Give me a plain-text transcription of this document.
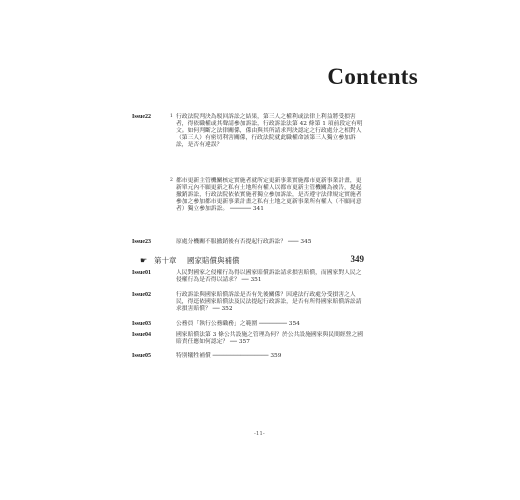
Contents
Issue22	1 行政法院判決為駁回訴訟之結果，第三人之權利或法律上利益將受損害者，得依職權或其聲請參加訴訟，行政訴訟法第 42 條第 1 項前段定有明文。如何判斷之法律關係，係由與其所請求判決認定之行政處分之相對人（第三人）有密切利害關係，行政法院就此職權命該第三人獨立參加訴訟，是否有違誤？
2 都市更新主管機關核定實施者就所定更新事業實施都市更新事業計畫，更新單元內不願更新之私有土地所有權人以都市更新主管機關為被告，提起撤銷訴訟，行政法院依依實施者獨立參加訴訟，是否遵守法律規定實施者參加之參加都市更新事業計畫之私有土地之更新事業所有權人（不願同意者）獨立參加訴訟。 ────── 341
Issue23	原處分機關不服撤銷後有否提起行政訴訟？ ─── 345
☛ 第十章 國家賠償與補償	349
Issue01	人民對國家之侵權行為得以國家賠償訴訟請求損害賠償，而國家對人民之侵權行為是否得以請求？ ── 351
Issue02	行政訴訟與國家賠償訴訟是否有先後關係？因違法行政處分受損害之人民，得逕依國家賠償法及民法提起行政訴訟，是否有所得國家賠償訴訟請求損害賠償？ ── 352
Issue03	公務員「執行公務職務」之範圍 ──────── 354
Issue04	國家賠償法第 3 條公共設施之管理為何？於公共設施國家與民間經營之國賠責任應如何認定？ ── 357
Issue05	特別犧牲補償 ──────────────── 359
-11-
